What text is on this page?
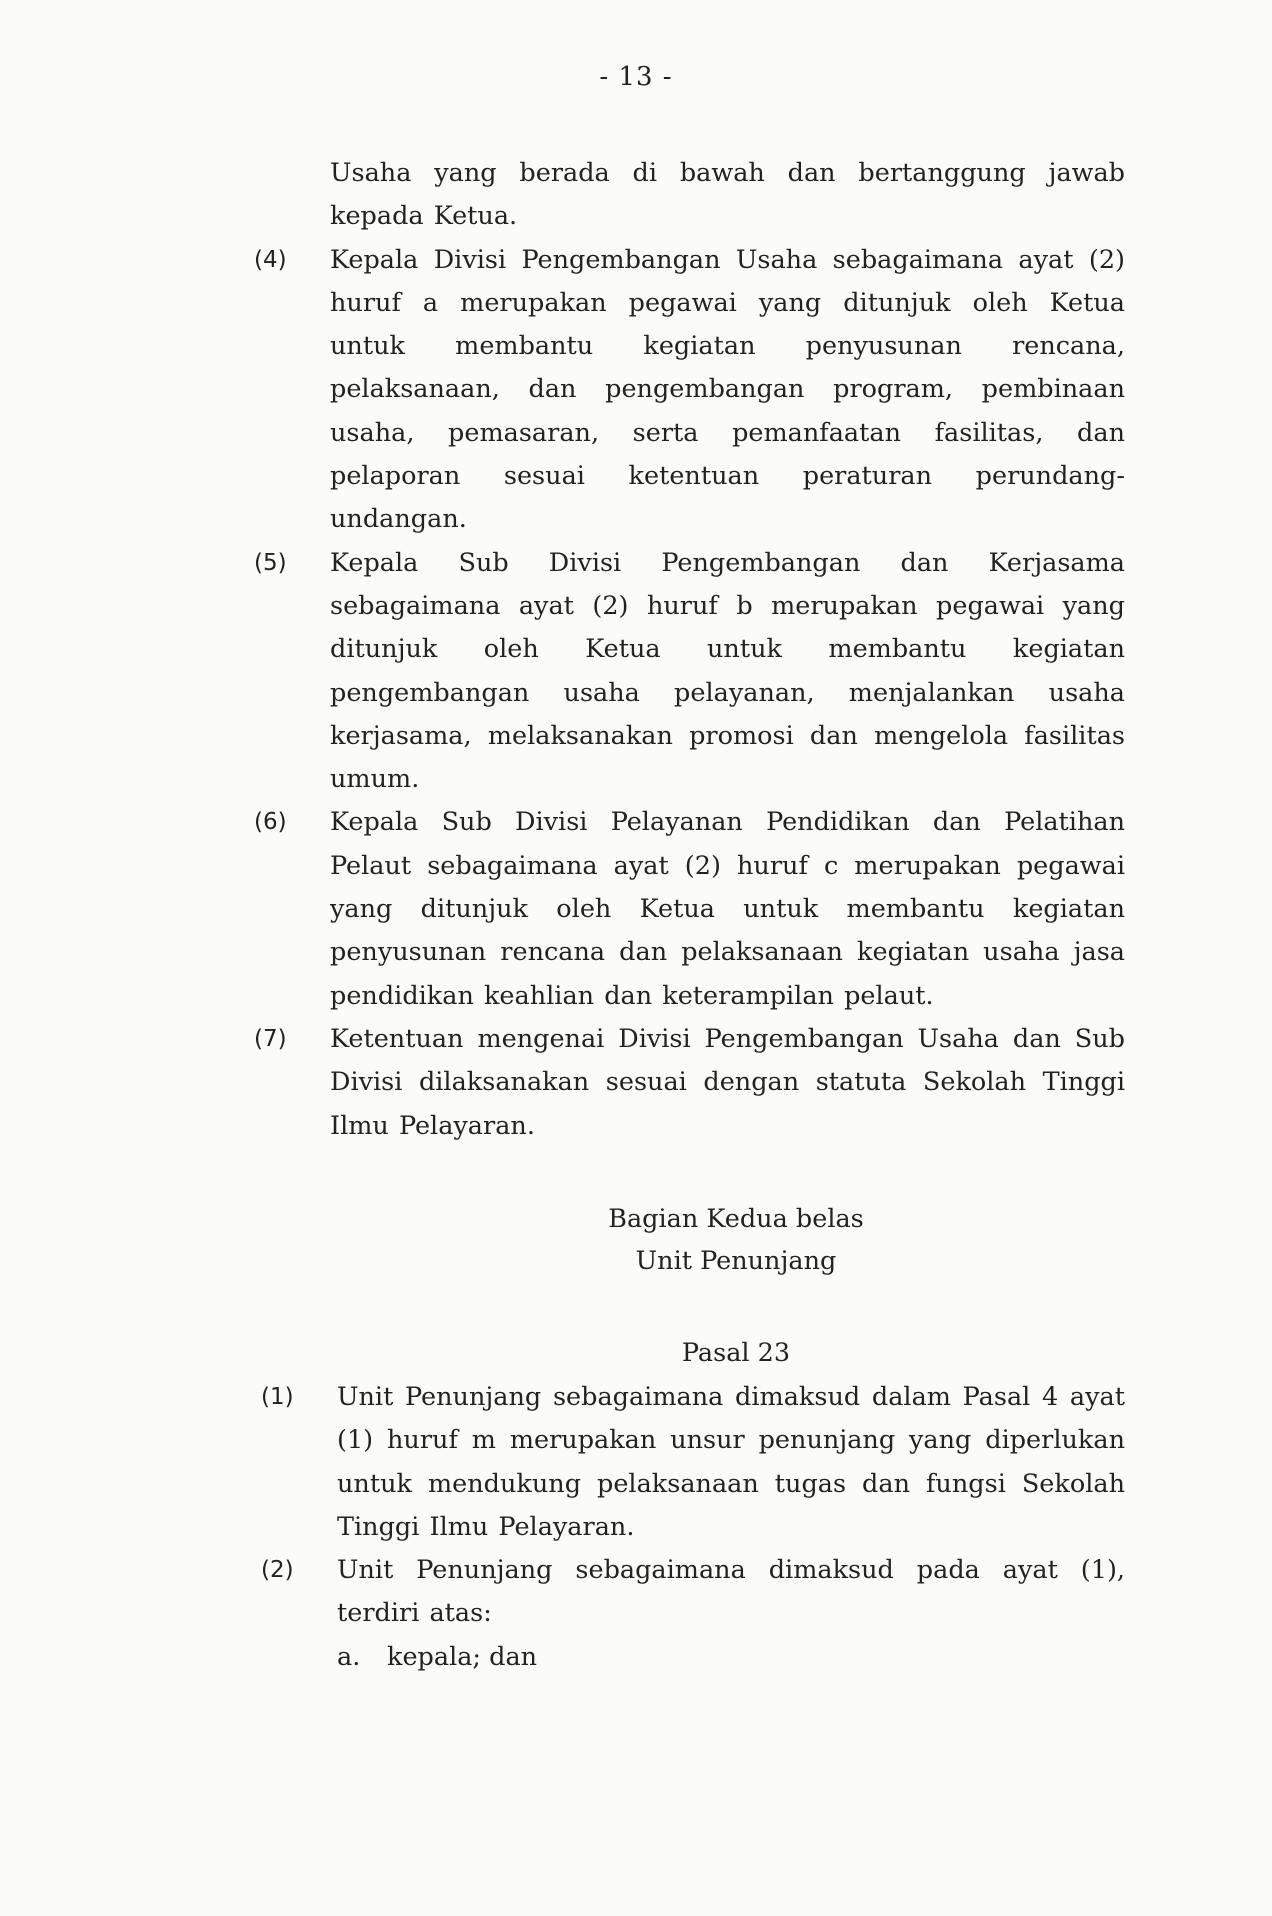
- 13 -

Usaha yang berada di bawah dan bertanggung jawab kepada Ketua.

(4)	Kepala Divisi Pengembangan Usaha sebagaimana ayat (2) huruf a merupakan pegawai yang ditunjuk oleh Ketua untuk membantu kegiatan penyusunan rencana, pelaksanaan, dan pengembangan program, pembinaan usaha, pemasaran, serta pemanfaatan fasilitas, dan pelaporan sesuai ketentuan peraturan perundang-undangan.

(5)	Kepala Sub Divisi Pengembangan dan Kerjasama sebagaimana ayat (2) huruf b merupakan pegawai yang ditunjuk oleh Ketua untuk membantu kegiatan pengembangan usaha pelayanan, menjalankan usaha kerjasama, melaksanakan promosi dan mengelola fasilitas umum.

(6)	Kepala Sub Divisi Pelayanan Pendidikan dan Pelatihan Pelaut sebagaimana ayat (2) huruf c merupakan pegawai yang ditunjuk oleh Ketua untuk membantu kegiatan penyusunan rencana dan pelaksanaan kegiatan usaha jasa pendidikan keahlian dan keterampilan pelaut.

(7)	Ketentuan mengenai Divisi Pengembangan Usaha dan Sub Divisi dilaksanakan sesuai dengan statuta Sekolah Tinggi Ilmu Pelayaran.

Bagian Kedua belas
Unit Penunjang
Pasal 23

(1)	Unit Penunjang sebagaimana dimaksud dalam Pasal 4 ayat (1) huruf m merupakan unsur penunjang yang diperlukan untuk mendukung pelaksanaan tugas dan fungsi Sekolah Tinggi Ilmu Pelayaran.

(2)	Unit Penunjang sebagaimana dimaksud pada ayat (1), terdiri atas:

a.	kepala; dan
